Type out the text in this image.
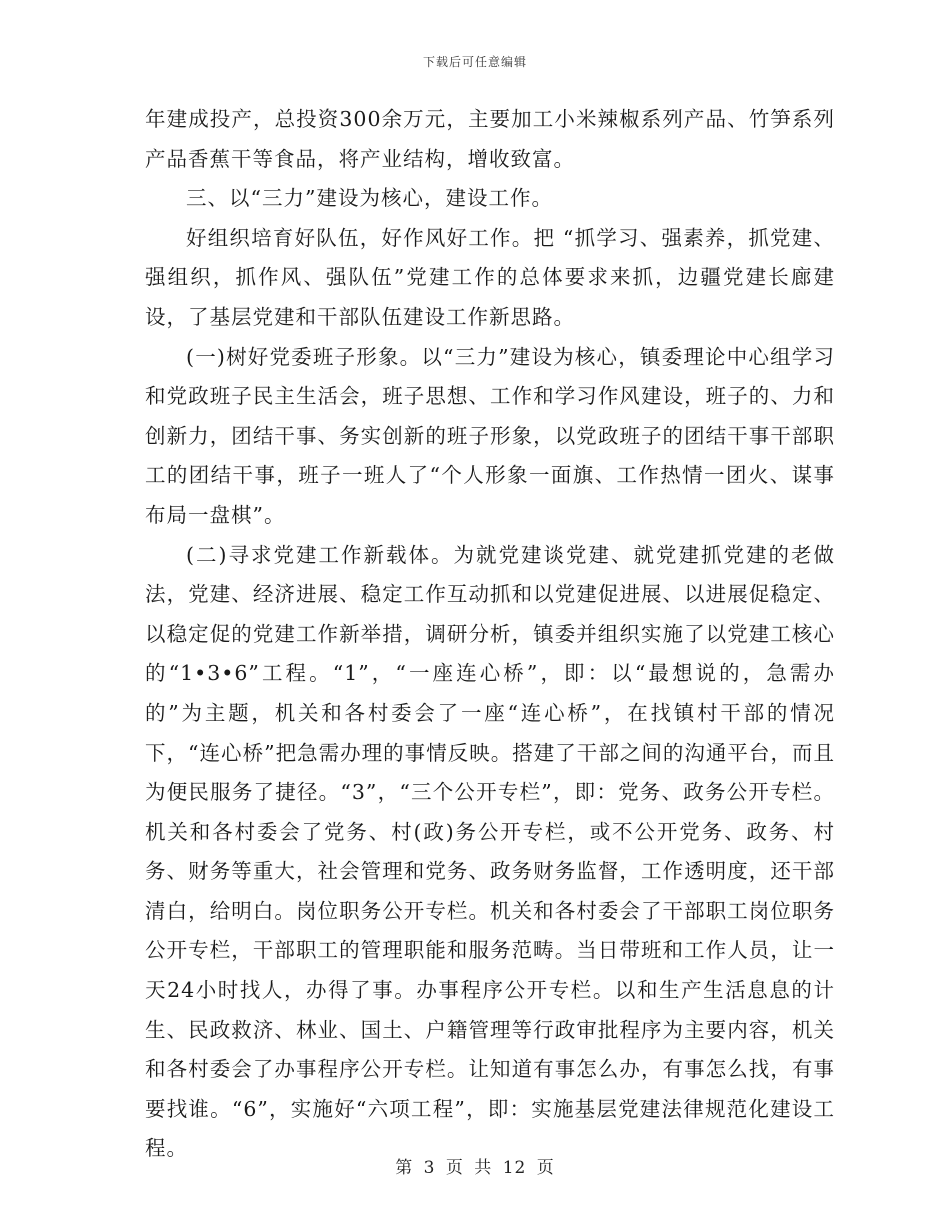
下载后可任意编辑

年建成投产，总投资300余万元，主要加工小米辣椒系列产品、竹笋系列产品香蕉干等食品，将产业结构，增收致富。

三、以“三力”建设为核心，建设工作。

好组织培育好队伍，好作风好工作。把 “抓学习、强素养，抓党建、强组织，抓作风、强队伍”党建工作的总体要求来抓，边疆党建长廊建设，了基层党建和干部队伍建设工作新思路。

(一)树好党委班子形象。以“三力”建设为核心，镇委理论中心组学习和党政班子民主生活会，班子思想、工作和学习作风建设，班子的、力和创新力，团结干事、务实创新的班子形象，以党政班子的团结干事干部职工的团结干事，班子一班人了“个人形象一面旗、工作热情一团火、谋事布局一盘棋”。

(二)寻求党建工作新载体。为就党建谈党建、就党建抓党建的老做法，党建、经济进展、稳定工作互动抓和以党建促进展、以进展促稳定、以稳定促的党建工作新举措，调研分析，镇委并组织实施了以党建工核心的“1•3•6”工程。“1”，“一座连心桥”，即：以“最想说的，急需办的”为主题，机关和各村委会了一座“连心桥”，在找镇村干部的情况下，“连心桥”把急需办理的事情反映。搭建了干部之间的沟通平台，而且为便民服务了捷径。“3”，“三个公开专栏”，即：党务、政务公开专栏。机关和各村委会了党务、村(政)务公开专栏，或不公开党务、政务、村务、财务等重大，社会管理和党务、政务财务监督，工作透明度，还干部清白，给明白。岗位职务公开专栏。机关和各村委会了干部职工岗位职务公开专栏，干部职工的管理职能和服务范畴。当日带班和工作人员，让一天24小时找人，办得了事。办事程序公开专栏。以和生产生活息息的计生、民政救济、林业、国土、户籍管理等行政审批程序为主要内容，机关和各村委会了办事程序公开专栏。让知道有事怎么办，有事怎么找，有事要找谁。“6”，实施好“六项工程”，即：实施基层党建法律规范化建设工程。

第 3 页 共 12 页
